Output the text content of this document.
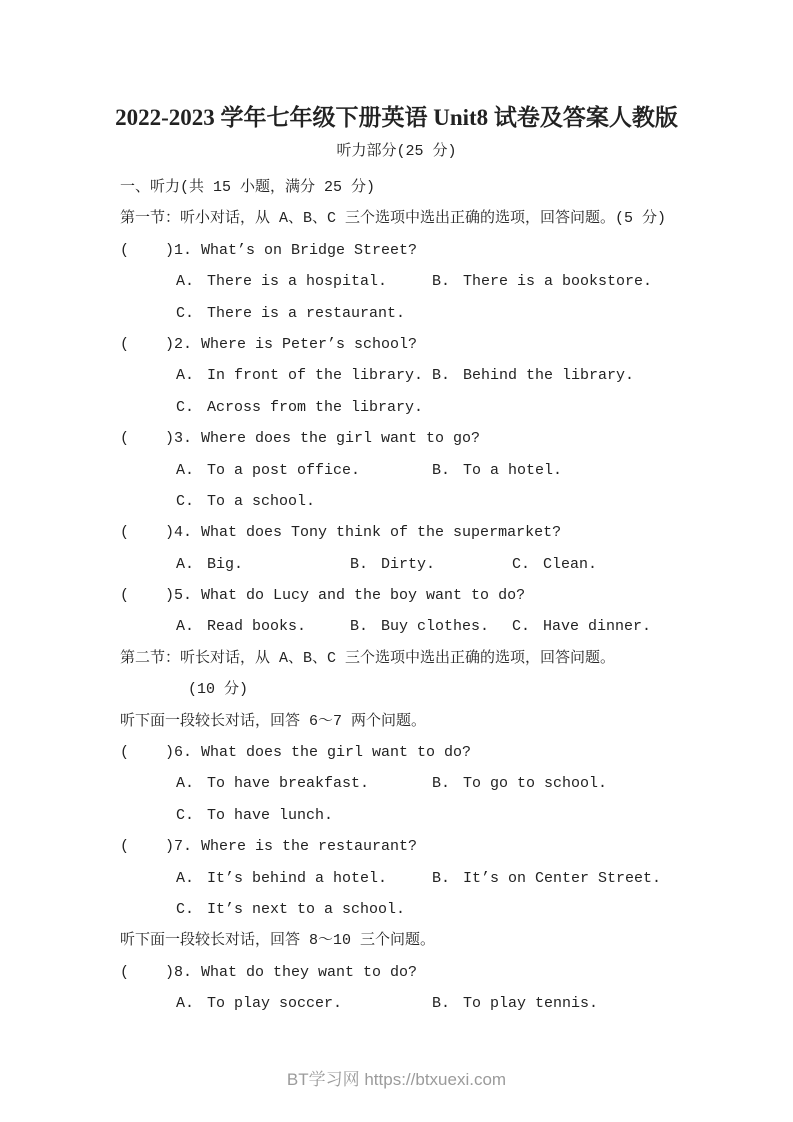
2022-2023 学年七年级下册英语 Unit8 试卷及答案人教版
听力部分(25 分)
一、听力(共 15 小题，满分 25 分)
第一节：听小对话，从 A、B、C 三个选项中选出正确的选项，回答问题。(5 分)
(    )1. What’s on Bridge Street?

A. There is a hospital.

	B. There is a bookstore.

C. There is a restaurant.

(    )2. Where is Peter’s school?

A. In front of the library.

B. Behind the library.

C. Across from the library.

(    )3. Where does the girl want to go?

A. To a post office.

	B. To a hotel.

C. To a school.

(    )4. What does Tony think of the supermarket?

A. Big.

	B. Dirty.

	C. Clean.

(    )5. What do Lucy and the boy want to do?

A. Read books.

	B. Buy clothes.

C. Have dinner.

第二节：听长对话，从 A、B、C 三个选项中选出正确的选项，回答问题。
(10 分)
听下面一段较长对话，回答 6～7 两个问题。
(    )6. What does the girl want to do?

A. To have breakfast.

	B. To go to school.

C. To have lunch.

(    )7. Where is the restaurant?

A. It’s behind a hotel.

	B. It’s on Center Street.

C. It’s next to a school.

听下面一段较长对话，回答 8～10 三个问题。
(    )8. What do they want to do?

A. To play soccer.

	B. To play tennis.

BT学习网 https://btxuexi.com
